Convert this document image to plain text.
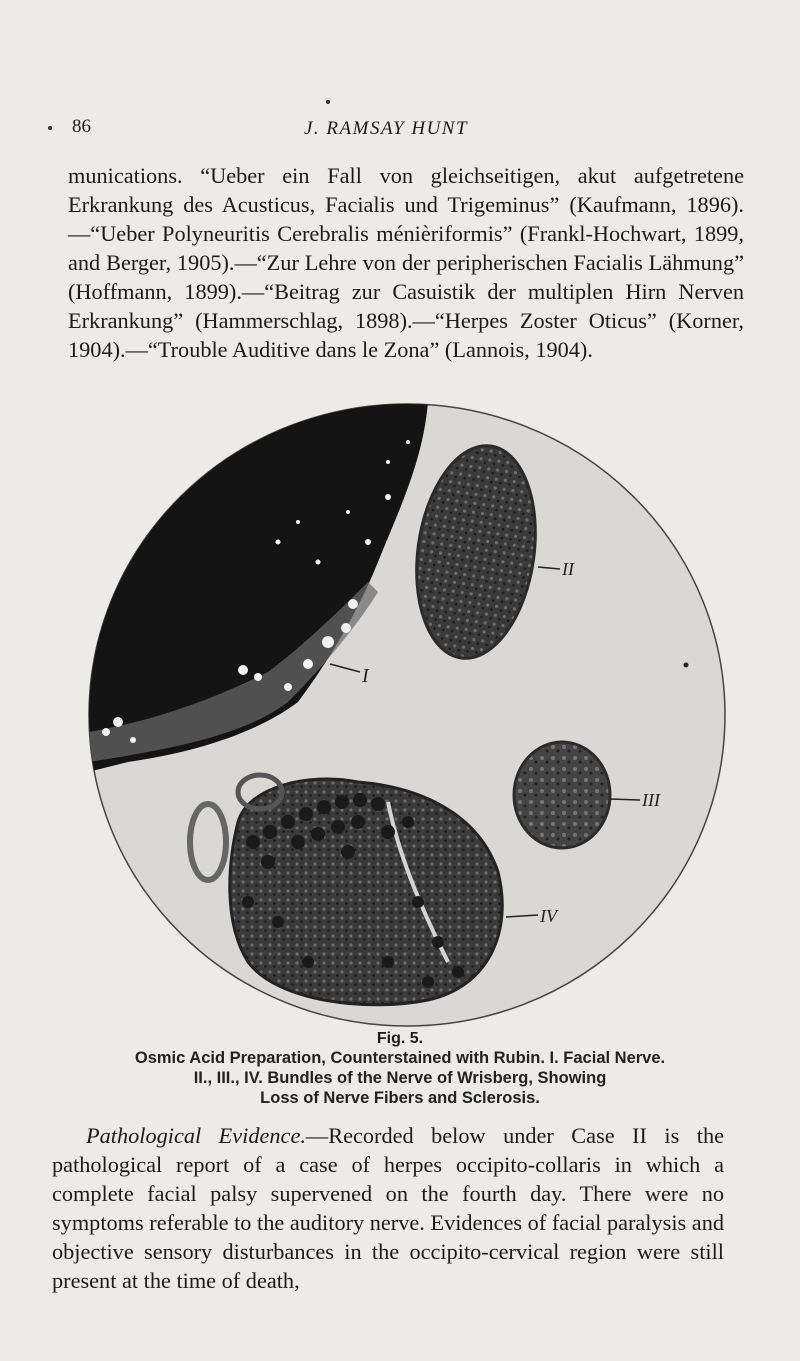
86	J. RAMSAY HUNT

munications. “Ueber ein Fall von gleichseitigen, akut aufgetretene Erkrankung des Acusticus, Facialis und Trigeminus” (Kaufmann, 1896).—“Ueber Polyneuritis Cerebralis ménièriformis” (Frankl-Hochwart, 1899, and Berger, 1905).—“Zur Lehre von der peripherischen Facialis Lähmung” (Hoffmann, 1899).—“Beitrag zur Casuistik der multiplen Hirn Nerven Erkrankung” (Hammerschlag, 1898).—“Herpes Zoster Oticus” (Korner, 1904).—“Trouble Auditive dans le Zona” (Lannois, 1904).

I
II
III
IV
Fig. 5.
Osmic Acid Preparation, Counterstained with Rubin. I. Facial Nerve.
II., III., IV. Bundles of the Nerve of Wrisberg, Showing
Loss of Nerve Fibers and Sclerosis.

Pathological Evidence.—Recorded below under Case II is the pathological report of a case of herpes occipito-collaris in which a complete facial palsy supervened on the fourth day. There were no symptoms referable to the auditory nerve. Evidences of facial paralysis and objective sensory disturbances in the occipito-cervical region were still present at the time of death,
